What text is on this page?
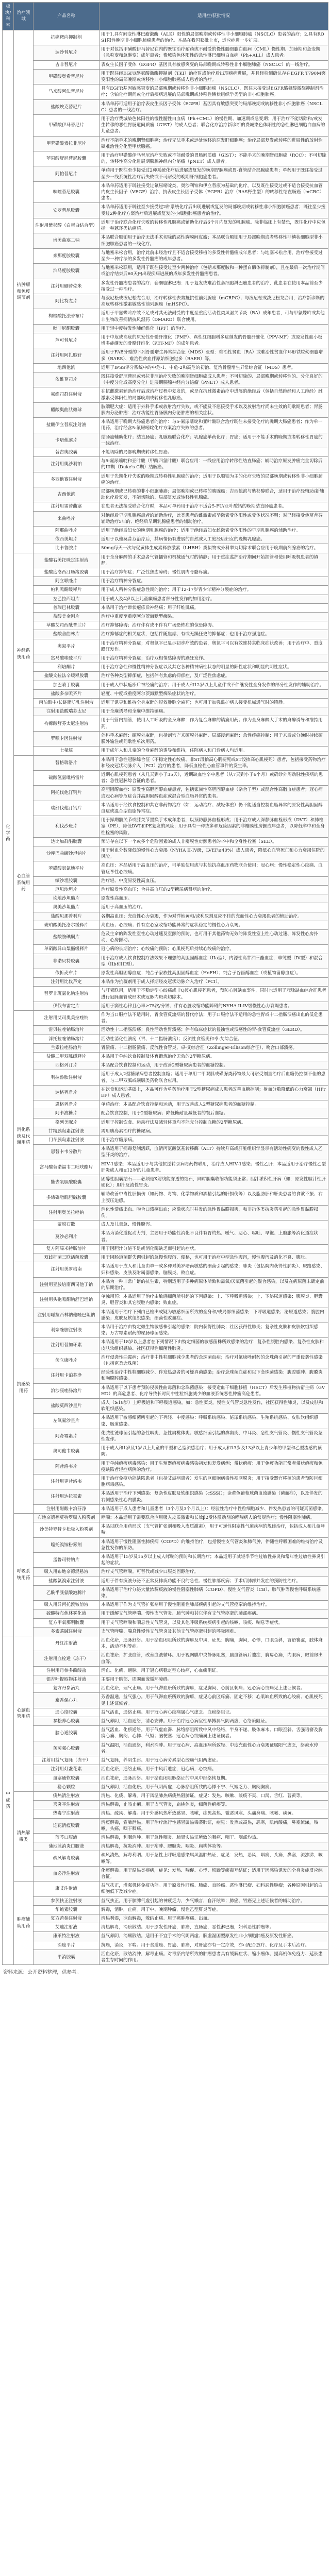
板块/科室	治疗领域	产品名称	适用症/获批情况
化学药	抗肿瘤和免疫调节剂	抗癌靶向抑制剂	用于1.具有间变性淋巴瘤激酶（ALK）阳性的局部晚期或转移性非小细胞肺癌（NSCLC）患者的治疗；2.具有ROS1阳性晚期非小细胞肺癌患者的治疗。本品在我国获批上市，适应症进一步扩展。
		达沙替尼片	用于对包括甲磺酸伊马替尼在内的既往治疗耐药或不耐受的慢性髓细胞白血病（CML）慢性期、加速期和急变期（急粒变和急淋变）成年患者；费城染色体阳性的急性淋巴细胞白血病（Ph+ALL）成人患者。
		吉非替尼片	表皮生长因子受体（EGFR）基因具有敏感突变的局部晚期或转移性非小细胞肺癌（NSCLC）的一线治疗。
		甲磺酸奥希替尼片	用于既往经EGFR酪氨酸激酶抑制剂（TKI）治疗时或治疗后出现疾病进展，并且经检测确认存在EGFR T790M突变阳性的局部晚期或转移性非小细胞肺癌成人患者的治疗。
		马来酸阿法替尼片	具有EGFR基因敏感突变的局部晚期或转移性非小细胞肺癌（NSCLC），既往未接受过EGFR酪氨酸激酶抑制剂治疗；含铂化疗期间或化疗后疾病进展的局部晚期或转移性鳞状组织学类型的非小细胞肺癌。
		盐酸埃克替尼片	本品单药可适用于治疗表皮生长因子受体（EGFR）基因具有敏感突变的局部晚期或转移性非小细胞肺癌（NSCLC）患者的一线治疗。
		甲磺酸伊马替尼片	用于治疗费城染色体阳性的慢性髓性白血病（Ph+CML）的慢性期、加速期或急变期；用于治疗不能切除和/或发生转移的恶性胃肠道间质瘤（GIST）的成人患者；联合化疗治疗新诊断的费城染色体阳性的急性淋巴细胞白血病的儿童患者。
		甲苯磺酸索拉非尼片	治疗不能手术的晚期肾细胞癌；治疗无法手术或远处转移的原发肝细胞癌；治疗局部复发或转移的进展性的放射性碘难治性分化型甲状腺癌。
		苹果酸舒尼替尼胶囊	用于治疗甲磺酸伊马替尼治疗失败或不能耐受的胃肠间质瘤（GIST）；不能手术的晚期肾细胞癌（RCC）；不可切除的，转移性高分化进展期胰腺神经内分泌瘤（pNET）成人患者。
		阿帕替尼片	单药用于既往至少接受过2种系统化疗后进展或复发的晚期胃腺癌或胃-食管结合部腺癌患者；单药用于既往接受过至少一线系统性治疗后失败或不可耐受的晚期肝细胞癌患者。
		呋喹替尼胶囊	本品单药适用于既往接受过氟尿嘧啶类、奥沙利铂和伊立替康为基础的化疗，以及既往接受过或不适合接受抗血管内皮生长因子（VEGF）治疗、抗表皮生长因子受体（EGFR）治疗（RAS野生型）的转移性结直肠癌（mCRC）患者。
		安罗替尼胶囊	本品单药适用于既往至少接受过2种系统化疗后出现进展或复发的局部晚期或转移性非小细胞肺癌患者；既往至少接受过2种化疗方案治疗后进展或复发的小细胞肺癌患者的治疗。
		注射用紫杉醇（白蛋白结合型）	适用于治疗联合化疗失败的转移性乳腺癌或辅助化疗后6个月内复发的乳腺癌。除非临床上有禁忌，既往化疗中应包括一种蒽环类抗癌药。
		培美曲塞二钠	本品联合顺铂用于治疗无法手术切除的恶性胸膜间皮瘤；本品联合顺铂用于局部晚期或者转移性非鳞状细胞型非小细胞肺癌患者的一线化疗。
		来那度胺胶囊	与地塞米松合用，治疗此前未经治疗且不适合接受移植的多发性骨髓瘤成年患者；与地塞米松合用，治疗曾接受过至少一种疗法的多发性骨髓瘤的成年患者。
		泊马度胺胶囊	与地塞米松联用，适用于既往接受过至少两种治疗（包括来那度胺和一种蛋白酶体抑制剂），且在最后一次治疗期间或治疗结束后60天内出现疾病进展的成年多发性骨髓瘤患者。
		注射用硼替佐米	多发性骨髓瘤患者的治疗；套细胞淋巴瘤：用于复发或难治性套细胞淋巴瘤患者的治疗，此患者在使用本品前至少接受过一种治疗。
		阿比特龙片	与泼尼松或泼尼松龙合用，治疗转移性去势抵抗性前列腺癌（mCRPC）；与泼尼松或泼尼松龙合用，治疗新诊断的高危转移性激素敏感性前列腺癌（mHSPC）。
		枸橼酸托法替布片	适用于甲氨蝶呤疗效不足或对其无法耐受的中度至重度活动性类风湿关节炎（RA）成年患者，可与甲氨蝶呤或其他非生物改善病情抗风湿药（DMARD）联合使用。
		吡非尼酮胶囊	用于轻中度特发性肺纤维化（IPF）的治疗。
		芦可替尼片	用于中危或高危的原发性骨髓纤维化（PMF）、真性红细胞增多症继发的骨髓纤维化（PPV-MF）或原发性血小板增多症继发的骨髓纤维化（PET-MF）的成年患者。
		注射用阿扎胞苷	适用于FAB分型的下列骨髓增生异常综合征（MDS）亚型：难治性贫血（RA）或难治性贫血伴环形铁粒幼细胞增多（RARS）、难治性贫血伴原始细胞过多（RAEB）等。
		地西他滨	适用于IPSS评分系统中的中危-1、中危-2和高危的初治、复治骨髓增生异常综合征（MDS）患者。
		依维莫司片	既往接受舒尼替尼或索拉非尼治疗失败的晚期肾细胞癌成人患者；不可切除的、局部晚期或转移性的、分化良好的（中度分化或高度分化）进展期胰腺神经内分泌瘤（PNET）成人患者。
		氟维司群注射液	在抗雌激素辅助治疗后或治疗过程中复发的，或是在抗雌激素治疗中进展的绝经后（包括自然绝经和人工绝经）雌激素受体阳性的局部晚期或转移性乳腺癌。
		醋酸奥曲肽微球	肢端肥大症：适用于外科手术或放射治疗失败，或不能及不愿接受手术以及放射治疗尚未生效的间歇期患者；胃肠胰内分泌肿瘤：治疗功能性胃肠胰内分泌肿瘤的相关症状。
		盐酸伊立替康注射液	本品适用于晚期大肠癌患者的治疗：与5-氟尿嘧啶和亚叶酸联合治疗既往未接受化疗的晚期大肠癌患者；作为单一用药，治疗经含5-氟尿嘧啶化疗方案治疗失败的患者。
		卡培他滨片	结肠癌辅助化疗；结直肠癌；乳腺癌联合化疗；乳腺癌单药化疗；胃癌：适用于不能手术的晚期或者转移性胃癌的一线治疗。
		替吉奥胶囊	不能切除的局部晚期或转移性胃癌。
		注射用奥沙利铂	与5-氟尿嘧啶和亚叶酸（甲酰四氢叶酸）联合应用：一线应用治疗转移性结直肠癌；辅助治疗原发肿瘤完全切除后的III期（Duke's C期）结肠癌。
		多西他赛注射液	适用于先期化疗失败的晚期或转移性乳腺癌的治疗；适用于以顺铂为主的化疗失败的局部晚期或转移性非小细胞肺癌的治疗。
		吉西他滨	局部晚期或已转移的非小细胞肺癌；局部晚期或已转移的胰腺癌；吉西他滨与紫杉醇联合，适用于治疗经辅助/新辅助化疗后复发，不能切除的、局部复发或转移性乳腺癌。
		注射用雷替曲塞	在患者无法接受联合化疗时，本品可单药用于治疗不适合5-FU/亚叶酸钙的晚期结直肠癌患者。
		来曲唑片	对绝经后早期乳腺癌患者的辅助治疗，此类患者的雌激素或孕激素受体阳性或受体状况不明；对已经接受他莫昔芬辅助治疗5年的、绝经后早期乳腺癌患者的辅助治疗。
		阿那曲唑片	适用于绝经后妇女的晚期乳腺癌的治疗；适用于绝经后妇女雌激素受体阳性的早期乳腺癌的辅助治疗。
		依西美坦片	适用于以他莫昔芬治疗后，其病情仍有进展的自然或人工绝经后妇女的晚期乳腺癌。
		比卡鲁胺片	50mg每天一次与促黄体生成素释放激素（LHRH）类似物或外科睾丸切除术联合应用于晚期前列腺癌的治疗。
	神经系统用药	盐酸右美托咪定注射液	用于全身麻醉的手术患者气管插管和机械通气时的镇静；用于重症监护治疗期间开始插管和使用呼吸机患者的镇静。
		盐酸度洛西汀肠溶胶囊	用于治疗抑郁症；广泛性焦虑障碍；慢性肌肉骨骼疼痛。
		阿立哌唑片	用于治疗精神分裂症。
		帕利哌酮缓释片	用于成人精神分裂症急性期的治疗；用于12-17岁青少年精神分裂症的治疗。
		左乙拉西坦片	用于成人及4岁以上儿童癫痫患者部分性发作的加用治疗。
		普瑞巴林胶囊	本品用于治疗带状疱疹后神经痛；用于纤维肌痛。
		盐酸美金刚片	治疗中重度至重度阿尔茨海默型痴呆。
		草酸艾司西酞普兰片	治疗抑郁障碍；治疗伴有或不伴有广场恐怖症的惊恐障碍。
		盐酸舍曲林片	治疗抑郁症的相关症状，包括伴随焦虑、有或无躁狂史的抑郁症；也用于治疗强迫症。
		奥氮平片	用于治疗精神分裂症；对奥氮平已显示初步疗效的患者，奥氮平可以有效维持其临床症状改善；用于治疗中、重度躁狂发作。
		富马酸喹硫平片	用于治疗精神分裂症；治疗双相情感障碍的躁狂发作。
		利培酮片	用于治疗急性和慢性精神分裂症以及其它各种精神病性状态的明显的阳性症状和明显的阴性症状。
		盐酸文拉法辛缓释胶囊	治疗各种类型抑郁症，包括伴有焦虑的抑郁症，及广泛性焦虑症。
		加巴喷丁胶囊	用于成人带状疱疹后神经痛的治疗；用于成人和12岁以上儿童伴或不伴继发性全身发作的部分性发作的辅助治疗。
		盐酸多奈哌齐片	轻度、中度或重度阿尔茨海默型痴呆症状的治疗。
		丙泊酚中/长链脂肪乳注射液	适用于诱导和维持全身麻醉的短效静脉全麻药；也可用于加强监护病人接受机械通气时的镇静。
		注射用盐酸瑞芬太尼	用于全麻诱导和全麻中维持镇痛。
		枸橼酸舒芬太尼注射液	用于气管内插管，使用人工呼吸的全身麻醉：作为复合麻醉的镇痛用药；作为全身麻醉大手术的麻醉诱导和维持用药。
		罗哌卡因注射液	外科手术麻醉：硬膜外麻醉，包括剖宫产术硬膜外麻醉、局部浸润麻醉；急性疼痛控制：用于术后或分娩时持续硬膜外输注或间歇性单次用药。
		七氟烷	用于成年人和儿童的全身麻醉的诱导和维持，住院病人和门诊病人均适用。
	心血管系统用药	替格瑞洛片	本品用于急性冠脉综合征（不稳定性心绞痛、非ST段抬高心肌梗死或ST段抬高心肌梗死）患者，包括接受药物治疗和经皮冠状动脉介入（PCI）治疗的患者，降低血栓性心血管事件的发生率。
		硫酸氢氯吡格雷片	近期心肌梗死患者（从几天到小于35天），近期缺血性卒中患者（从7天到小于6个月）或确诊外周动脉性疾病的患者；急性冠脉综合征的患者。
		阿托伐他汀钙片	高胆固醇血症：原发性高胆固醇血症患者，包括家族性高胆固醇血症（杂合子型）或混合性高脂血症患者；冠心病或冠心病等危症合并高胆固醇血症或混合型血脂异常的患者。
		瑞舒伐他汀钙片	本品适用于经饮食控制和其它非药物治疗（如：运动治疗、减轻体重）仍不能适当控制血脂异常的原发性高胆固醇血症或混合型血脂异常症。
		利伐沙班片	用于择期髋关节或膝关节置换手术成年患者，以预防静脉血栓形成；用于治疗成人深静脉血栓形成（DVT）和肺栓塞（PE），降低DVT和PE复发的风险；用于具有一种或多种危险因素的非瓣膜性房颤成年患者，以降低卒中和全身性栓塞的风险。
		达比加群酯胶囊	预防存在以下一个或多个危险因素的成人非瓣膜性房颤患者的卒中和全身性栓塞（SEE）。
		沙库巴曲缬沙坦钠片	用于射血分数降低的慢性心力衰竭（NYHA II-IV级，LVEF≤40%）成人患者，降低心血管死亡和心力衰竭住院的风险。
		苯磺酸氨氯地平片	高血压：本品适用于高血压的治疗，可单独使用或与其他抗高血压药物联合使用；冠心病：慢性稳定性心绞痛、血管痉挛性心绞痛。
		缬沙坦胶囊	治疗轻、中度原发性高血压。
		厄贝沙坦片	治疗原发性高血压；合并高血压的2型糖尿病肾病的治疗。
		坎地沙坦酯片	原发性高血压。
		奥美沙坦酯片	适用于高血压的治疗。
		盐酸贝那普利片	各期高血压；充血性心力衰竭，作为对洋地黄和/或利尿剂反应不佳的充血性心力衰竭患者的辅助治疗。
		琥珀酸美托洛尔缓释片	高血压；心绞痛；伴有左心室收缩功能异常的症状稳定的慢性心力衰竭。
		盐酸胺碘酮片	危及生命的阵发性室性心动过速及室颤的预防，也可用于其他药物无效的阵发性室上性心动过速、阵发性心房扑动、心房颤动。
		单硝酸异山梨酯缓释片	冠心病的长期治疗；心绞痛的预防；心肌梗死后持续心绞痛的治疗。
		非诺贝特胶囊	用于治疗成人饮食控制疗法效果不理想的高胆固醇血症（IIa型），内源性高甘油三酯血症，单纯型（IV型）和混合型（IIb和III型）。
		依折麦布片	原发性高胆固醇血症；纯合子家族性高胆固醇血症（HoFH）；纯合子谷甾醇血症（或植物甾醇血症）。
		注射用比伐芦定	本品作为抗凝剂用于成人择期经皮冠状动脉介入治疗（PCI）。
		替罗非班氯化钠注射液	与肝素联用，适用于不稳定型心绞痛或非Q波心肌梗死患者，预防心脏缺血事件，同时也适用于冠脉缺血综合征患者进行冠脉血管成形术或冠脉内斑块切除术。
		伊伐布雷定片	适用于窦性心律且心率≥75次/分钟、伴有心脏收缩功能障碍的NYHA II-IV级慢性心力衰竭患者。
	消化系统及代谢用药	注射用艾司奥美拉唑钠	作为当口服疗法不适用时，胃食管反流病的替代疗法；用于口服疗法不适用的急性胃或十二指肠溃疡出血的低危患者。
		雷贝拉唑钠肠溶片	活动性十二指肠溃疡；良性活动性胃溃疡；伴有临床症状的侵蚀性或溃疡性的胃-食管反流症（GERD）。
		泮托拉唑钠肠溶片	活动性消化性溃疡（胃、十二指肠溃疡）；反流性食管炎和卓-艾综合征。
		兰索拉唑肠溶片	胃溃疡、十二指肠溃疡、反流性食管炎、卓-艾综合征（Zollinger-Ellison综合征）、吻合口部溃疡。
		盐酸二甲双胍缓释片	本品用于单纯饮食控制及体育锻炼治疗无效的2型糖尿病。
		西格列汀片	本品配合饮食控制和运动，用于改善2型糖尿病患者的血糖控制。
		利拉鲁肽注射液	适用于成人2型糖尿病患者控制血糖；适用于单用二甲双胍或磺脲类药物最大可耐受剂量治疗后血糖仍控制不佳的患者，与二甲双胍或磺脲类药物联合应用。
		达格列净片	在饮食和运动基础上，本品可作为单药治疗用于2型糖尿病成人患者改善血糖控制；射血分数降低的心力衰竭（HFrEF）成人患者。
		恩格列净片	单药治疗：本品配合饮食控制和运动，用于改善成人2型糖尿病患者的血糖控制。
		阿卡波糖片	配合饮食控制，用于2型糖尿病；降低糖耐量减低者的餐后血糖。
		格列美脲片	适用于控制饮食、运动疗法及减轻体重均不能充分控制血糖的2型糖尿病。
		甘精胰岛素注射液	需用胰岛素治疗的糖尿病。
		门冬胰岛素注射液	用于治疗糖尿病。
		恩替卡韦分散片	本品适用于病毒复制活跃，血清丙氨酸氨基转移酶（ALT）持续升高或肝脏组织学显示有活动性病变的慢性成人乙型肝炎的治疗。
		富马酸替诺福韦二吡呋酯片	HIV-1感染：本品适用于与其他抗逆转录病毒药物联用，治疗成人HIV-1感染；慢性乙肝：本品适用于治疗慢性乙型肝炎成人和≥12岁的儿童患者。
		熊去氧胆酸胶囊	固醇性胆囊结石——必须是X射线能穿透的结石，同时胆囊收缩功能须正常；胆汁淤积性肝病（如：原发性胆汁性肝硬化）；胆汁反流性胃炎。
		多烯磷脂酰胆碱胶囊	辅助改善中毒性肝损伤（如药物、毒物、化学物质和酒精引起的肝损伤等）以及脂肪肝和肝炎患者的食欲不振、右上腹压迫感。
		注射用奥美拉唑钠	消化性溃疡出血、吻合口溃疡出血；应激状态时并发的急性胃黏膜损害，和非甾体类抗炎药引起的急性胃黏膜损伤。
		蒙脱石散	成人及儿童急、慢性腹泻。
		莫沙必利片	本品为消化道促动力剂，主要用于功能性消化不良伴有胃灼热、嗳气、恶心、呕吐、早饱、上腹胀等消化道症状者。
		复方阿嗪米特肠溶片	用于因胆汁分泌不足或消化酶缺乏而引起的症状。
		双歧杆菌三联活菌胶囊	用于因肠道菌群失调引起的急慢性腹泻、便秘，也可用于治疗中型急性腹泻，慢性腹泻及消化不良、腹胀。
	抗感染用药	注射用美罗培南	本品适用于成人和儿童由单一或多种对美罗培南敏感的细菌引起的感染：肺炎（包括院内获得性肺炎）、尿路感染、妇科感染、皮肤及附属器感染、脑膜炎、败血症。
		注射用亚胺培南西司他丁钠	本品为一种非常广谱的抗生素，特别适用于多种病原体所致和需氧/厌氧菌引起的混合感染，以及在病原菌未确定前的早期治疗。
		注射用头孢哌酮钠舒巴坦钠	单独用药：本品适用于治疗由敏感细菌所引起的下列感染：上、下呼吸道感染；上、下泌尿道感染；腹膜炎、胆囊炎、胆管炎和其它腹腔内感染；败血症。
		注射用哌拉西林钠他唑巴坦钠	本品适用于治疗下列由已检出或疑为敏感细菌所致的全身和/或局部细菌感染：下呼吸道感染；泌尿道感染；腹腔内感染；皮肤及软组织感染；细菌性败血症。
		利奈唑胺注射液	本品用于治疗由特定微生物敏感株引起的感染：院内获得性肺炎；社区获得性肺炎；复杂性皮肤和皮肤软组织感染；万古霉素耐药的屎肠球菌感染。
		注射用替加环素	本品适用于18岁以上患者在下列情况下由特定细菌的敏感菌株所致感染的治疗：复杂性腹腔内感染、复杂性皮肤和皮肤软组织感染、社区获得性细菌性肺炎。
		伏立康唑片	治疗侵袭性曲霉病；治疗非中性粒细胞减少患者的念珠菌血症；治疗对氟康唑耐药的念珠菌引起的严重侵袭性感染（包括克柔念珠菌）。
		注射用卡泊芬净	经验性治疗中性粒细胞减少、伴发热患者的可疑真菌感染；治疗念珠菌血症和以下念珠菌感染：腹腔脓肿、腹膜炎和胸膜腔感染。
		泊沙康唑肠溶片	本品适用于以下患者预防侵袭性曲霉菌和念珠菌感染：接受造血干细胞移植（HSCT）后发生移植物抗宿主病（GVHD）的高危患者、化疗导致长时间中性粒细胞减少的血液系统恶性肿瘤高危患者。
		盐酸莫西沙星片	成人（≥18岁）上呼吸道和下呼吸道感染，如：急性窦炎，慢性支气管炎急性发作，社区获得性肺炎，以及皮肤和软组织感染。
		左氧氟沙星片	本品适用于敏感细菌所引起的下列轻、中度感染：呼吸系统感染、泌尿系统感染、生殖系统感染、皮肤软组织感染、肠道感染。
		阿奇霉素片	化脓性链球菌引起的急性咽炎、急性扁桃体炎；敏感细菌引起的鼻窦炎、中耳炎、急性支气管炎、慢性支气管炎急性发作。
		奥司他韦胶囊	用于成人和1岁及1岁以上儿童的甲型和乙型流感治疗；用于成人和13岁及13岁以上青少年的甲型和乙型流感的预防。
		阿昔洛韦片	用于单纯疱疹病毒感染：用于生殖器疱疹病毒感染初发和复发病例；带状疱疹：用于免疫功能正常者带状疱疹和免疫缺陷者轻症病例的治疗。
		注射用更昔洛韦	用于治疗免疫功能缺陷患者（包括艾滋病患者）发生的巨细胞病毒性视网膜炎；用于接受器官移植的患者预防巨细胞病毒感染。
		注射用达托霉素	本品适用于治疗下列感染：复杂性皮肤及软组织感染（cSSSI）；金黄色葡萄球菌血流感染（菌血症），以及伴发的右侧感染性心内膜炎。
		注射用醋酸卡泊芬净	本品适用于成人患者和儿童患者（3个月及3个月以上）：经验性治疗中性粒细胞减少、伴发热患者的可疑真菌感染。
	呼吸系统用药	布地奈德福莫特罗吸入粉雾剂	哮喘：本品适用于需要联合应用吸入皮质激素和长效β2受体激动剂的哮喘病人的常规治疗；慢性阻塞性肺病。
		沙美特罗替卡松吸入粉雾剂	本品以联合用药形式（支气管扩张剂和吸入皮质激素），用于可逆性阻塞性气道疾病的规律治疗，包括成人和儿童哮喘。
		噻托溴铵粉雾剂	本品适用于慢性阻塞性肺疾病（COPD）的维持治疗，包括慢性支气管炎和肺气肿，伴随性呼吸困难的维持治疗及急性发作的预防。
		孟鲁司特钠片	本品适用于15岁及15岁以上成人哮喘的预防和长期治疗；本品适用于减轻季节性过敏性鼻炎和常年性过敏性鼻炎引起的症状。
		吸入用布地奈德混悬液	治疗支气管哮喘。可替代或减少口服类固醇治疗。
		盐酸氨溴索注射液	适用于伴有痰液分泌不正常及排痰功能不良的急性、慢性肺部疾病；手术后肺部并发症的预防性治疗。
		乙酰半胱氨酸泡腾片	本品适用于治疗分泌大量浓稠痰液的慢性阻塞性肺病（COPD）、慢性支气管炎（CB）、肺气肿等慢性呼吸系统感染。
		吸入用异丙托溴铵溶液	本品适用于作为支气管扩张剂用于慢性阻塞性肺部疾病引起的支气管痉挛的维持治疗。
		硫酸特布他林雾化液	用于缓解支气管哮喘、慢性支气管炎、肺气肿和其它伴有支气管痉挛的肺部疾病。
		复方甲氧那明胶囊	用于支气管哮喘和喘息性支气管炎，以及其他呼吸系统疾病引起的咳嗽、咳痰、喘息等症状。
		多索茶碱注射液	支气管哮喘、喘息性慢性支气管炎及其他支气管痉挛引起的呼吸困难。
中成药	心脑血管用药	丹红注射液	活血化瘀，通脉舒络。用于瘀血闭阻所致的胸痹及中风，证见：胸痛，胸闷，心悸，口眼歪斜，言语謇涩，肢体麻木，活动不利等症。
		注射用血栓通（冻干）	活血祛瘀；扩张血管，改善血液循环。用于视网膜中央静脉阻塞，脑血管病后遗症，胸痹心痛，内眼病，眼前房出血等。
		注射用丹参多酚酸盐	活血、化瘀、通脉。用于冠心病稳定型心绞痛，心血瘀阻证。
		银杏叶提取物注射液	主要用于脑部、周围血流循环障碍。
		复方丹参滴丸	活血化瘀，理气止痛。用于气滞血瘀所致的胸痹，症见胸闷、心前区刺痛；冠心病心绞痛见上述证候者。
		麝香保心丸	芳香温通，益气强心。用于气滞血瘀所致的胸痹，症见心前区疼痛、固定不移；心肌缺血所致的心绞痛、心肌梗死见上述证候者。
		通心络胶囊	益气活血，通络止痛。用于冠心病心绞痛属心气虚乏、血瘀络阻证。
		参松养心胶囊	益气养阴，活血通络，清心安神。用于治疗冠心病室性早搏属气阴两虚，心络瘀阻证。
		脑心通胶囊	益气活血、化瘀通络。用于气虚血滞、脉络瘀阻所致中风中经络，半身不遂、肢体麻木、口眼歪斜、舌强语謇及胸痹心痛、胸闷、心悸、气短；脑梗塞、冠心病心绞痛属上述证候者。
		芪苈强心胶囊	益气温阳，活血通络，利水消肿。用于冠心病、高血压病所致轻、中度充血性心力衰竭证属阳气虚乏，络瘀水停者。
		注射用益气复脉（冻干）	益气复脉，养阴生津。用于冠心病劳累型心绞痛气阴两虚证。
		注射用灯盏花素	活血化瘀，通络止痛。用于中风后遗症，冠心病，心绞痛。
		血塞通软胶囊	活血祛瘀，通脉活络。用于瘀血闭阻脉络证的中风中经络恢复期。
		稳心颗粒	益气养阴，活血化瘀。用于气阴两虚，心脉瘀阻所致的心悸不宁、气短乏力、胸闷胸痛。
	清热解毒类	痰热清注射液	清热、化痰、解毒。用于风温肺热病痰热阻肺证，症见：发热、咳嗽、咳痰不爽、口渴、舌红、苔黄等。
		喜炎平注射液	清热解毒，止咳止痢。用于支气管炎，扁桃体炎，细菌性痢疾等。
		热毒宁注射液	清热、疏风、解毒。用于外感风热所致感冒、咳嗽，症见高热、微恶风寒、头痛身痛、咳嗽、痰黄。
		连花清瘟胶囊	清瘟解毒，宣肺泄热。用于治疗流行性感冒属热毒袭肺证，症见：发热或高热，恶寒，肌肉酸痛，鼻塞流涕，咳嗽，头痛，咽干咽痛。
		蓝芩口服液	清热解毒，利咽消肿。用于急性咽炎、肺胃实热证所致的咽痛、咽干、咽部灼热。
		蒲地蓝消炎口服液	清热解毒，抗炎消肿。用于疖肿、腮腺炎、咽炎、扁桃体炎等。
		疏风解毒胶囊	疏风清热，解毒利咽。用于急性上呼吸道感染属风温肺热证，症见：发热，恶风，咽痛，头痛，鼻塞，流浊涕，咳嗽等。
		血必净注射液	化瘀解毒。用于温热类疾病，症见：发热、喘促、心悸、烦躁等瘀毒互结证；适用于因感染诱发的全身炎症反应综合征。
	肿瘤辅助用药	康艾注射液	益气扶正，增强机体免疫功能。用于原发性肝癌、肺癌、直肠癌、恶性淋巴瘤、妇科恶性肿瘤；各种原因引起的白细胞低下及减少症。
		参芪扶正注射液	益气扶正。用于肺脾气虚引起的神疲乏力，少气懒言，自汗眩晕；肺癌、胃癌见上述证候者的辅助治疗。
		华蟾素胶囊	解毒，消肿，止痛。用于中、晚期肿瘤，慢性乙型肝炎等症。
		复方苦参注射液	清热利湿，凉血解毒，散结止痛。用于癌肿疼痛、出血。
		艾迪注射液	清热解毒，消瘀散结。用于原发性肝癌，肺癌，直肠癌，恶性淋巴瘤，妇科恶性肿瘤等。
		康莱特注射液	益气养阴，消癥散结。适用于不宜手术的气阴两虚、脾虚湿困型原发性非小细胞肺癌及原发性肝癌。
		消癌平片	抗癌，消炎，平喘。用于食道癌、胃癌、肺癌，对肝癌亦有一定疗效，亦可配合放疗、化疗及手术后治疗。
		平消胶囊	活血化瘀，散结消肿，解毒止痛。对毒瘀内结所致的肿瘤患者具有缓解症状、缩小瘤体、提高机体免疫力、延长患者生存时间的作用。
资料来源：公开资料整理，供参考。
